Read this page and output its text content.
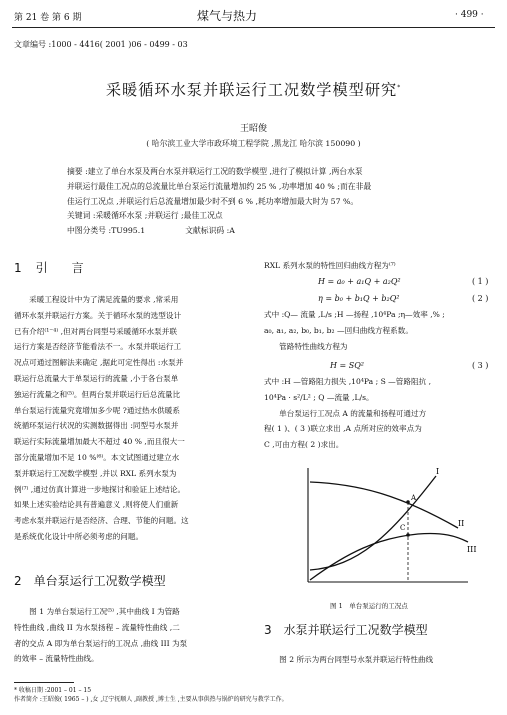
第 21 卷 第 6 期	煤气与热力	· 499 ·
文章编号 :1000 - 4416( 2001 )06 - 0499 - 03
采暖循环水泵并联运行工况数学模型研究*
王昭俊
( 哈尔滨工业大学市政环境工程学院 ,黑龙江 哈尔滨 150090 )
摘要 :建立了单台水泵及两台水泵并联运行工况的数学模型 ,进行了模拟计算 ,两台水泵
并联运行最佳工况点的总流量比单台泵运行流量增加约 25 % ,功率增加 40 % ;而在非最
佳运行工况点 ,并联运行后总流量增加最少时不到 6 % ,耗功率增加最大时为 57 %。
关键词 :采暖循环水泵 ;并联运行 ;最佳工况点
中图分类号 :TU995.1	文献标识码 :A
1 引　　言
　　采暖工程设计中为了满足流量的要求 ,常采用
循环水泵并联运行方案。关于循环水泵的选型设计
已有介绍⁽¹⁻⁴⁾ ,但对两台同型号采暖循环水泵并联
运行方案是否经济节能看法不一。水泵并联运行工
况点可通过图解法来确定 ,据此可定性得出 :水泵并
联运行总流量大于单泵运行的流量 ,小于各台泵单
独运行流量之和⁽⁵⁾。但两台泵并联运行后总流量比
单台泵运行流量究竟增加多少呢 ?通过热水供暖系
统循环泵运行状况的实测数据得出 :同型号水泵并
联运行实际流量增加最大不超过 40 % ,而且很大一
部分流量增加不足 10 %⁽⁶⁾。本文试图通过建立水
泵并联运行工况数学模型 ,并以 RXL 系列水泵为
例⁽⁷⁾ ,通过仿真计算进一步地探讨和验证上述结论。
如果上述实验结论具有普遍意义 ,则将使人们重新
考虑水泵并联运行是否经济、合理、节能的问题。这
是系统优化设计中所必须考虑的问题。
2 单台泵运行工况数学模型
　　图 1 为单台泵运行工况⁽⁵⁾ ,其中曲线 I 为管路
特性曲线 ,曲线 II 为水泵扬程 – 流量特性曲线 ,二
者的交点 A 即为单台泵运行的工况点 ,曲线 III 为泵
的效率 – 流量特性曲线。
RXL 系列水泵的特性回归曲线方程为⁽⁷⁾
H = a₀ + a₁Q + a₂Q²	( 1 )
η = b₀ + b₁Q + b₂Q²	( 2 )
式中 :Q— 流量 ,L/s ;H —扬程 ,10⁴Pa ;η—效率 ,% ;
a₀, a₁, a₂, b₀, b₁, b₂ —回归曲线方程系数。
　　管路特性曲线方程为
H = SQ²	( 3 )
式中 :H —管路阻力损失 ,10⁴Pa ; S —管路阻抗 ,
10⁴Pa · s²/L² ; Q —流量 ,L/s。
　　单台泵运行工况点 A 的流量和扬程可通过方
程( 1 )、( 3 )联立求出 ,A 点所对应的效率点为
C ,可由方程( 2 )求出。
I
II
III
A
C
图 1　单台泵运行的工况点
3 水泵并联运行工况数学模型
　　图 2 所示为两台同型号水泵并联运行特性曲线
* 收稿日期 :2001 – 01 – 15
作者简介 :王昭俊( 1965 – ) ,女 ,辽宁抚顺人 ,副教授 ,博士生 ,主要从事供热与锅炉的研究与教学工作。
